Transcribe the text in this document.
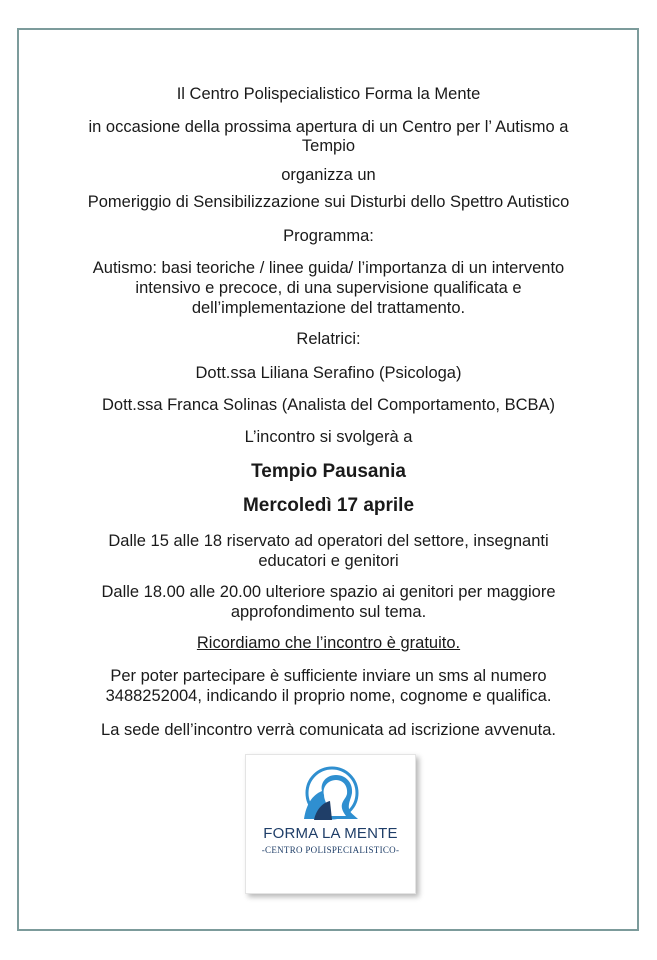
Il Centro Polispecialistico Forma la Mente

in occasione della prossima apertura di un Centro per l’ Autismo a

Tempio

organizza un

Pomeriggio di Sensibilizzazione sui Disturbi dello Spettro Autistico

Programma:

Autismo: basi teoriche / linee guida/ l’importanza di un intervento

intensivo e precoce, di una supervisione qualificata e

dell’implementazione del trattamento.

Relatrici:

Dott.ssa Liliana Serafino (Psicologa)

Dott.ssa Franca Solinas (Analista del Comportamento, BCBA)

L’incontro si svolgerà a

Tempio Pausania

Mercoledì 17 aprile

Dalle 15 alle 18 riservato ad operatori del settore, insegnanti

educatori e genitori

Dalle 18.00 alle 20.00 ulteriore spazio ai genitori per maggiore

approfondimento sul tema.

Ricordiamo che l’incontro è gratuito.

Per poter partecipare è sufficiente inviare un sms al numero

3488252004, indicando il proprio nome, cognome e qualifica.

La sede dell’incontro verrà comunicata ad iscrizione avvenuta.

FORMA LA MENTE
-CENTRO POLISPECIALISTICO-
